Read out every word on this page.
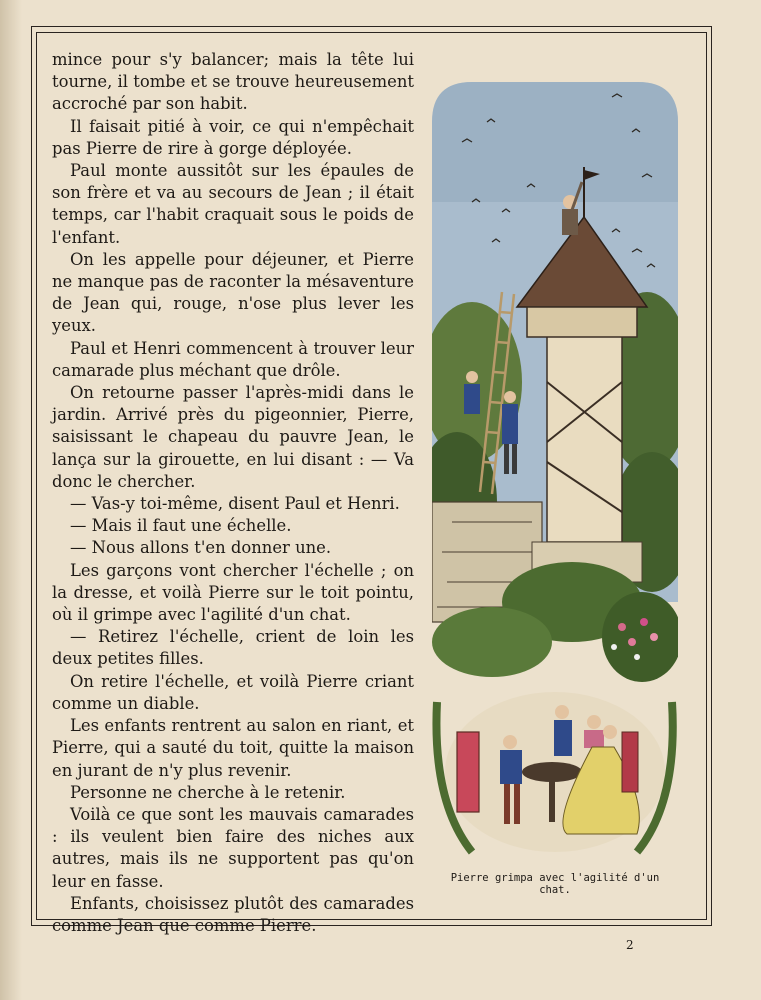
mince pour s'y balancer; mais la tête lui tourne, il tombe et se trouve heureusement accroché par son habit.

Il faisait pitié à voir, ce qui n'empêchait pas Pierre de rire à gorge déployée.

Paul monte aussitôt sur les épaules de son frère et va au secours de Jean ; il était temps, car l'habit craquait sous le poids de l'enfant.

On les appelle pour déjeuner, et Pierre ne manque pas de raconter la mésaventure de Jean qui, rouge, n'ose plus lever les yeux.

Paul et Henri commencent à trouver leur camarade plus méchant que drôle.

On retourne passer l'après-midi dans le jardin. Arrivé près du pigeonnier, Pierre, saisissant le chapeau du pauvre Jean, le lança sur la girouette, en lui disant : — Va donc le chercher.

— Vas-y toi-même, disent Paul et Henri.

— Mais il faut une échelle.

— Nous allons t'en donner une.

Les garçons vont chercher l'échelle ; on la dresse, et voilà Pierre sur le toit pointu, où il grimpe avec l'agilité d'un chat.

— Retirez l'échelle, crient de loin les deux petites filles.

On retire l'échelle, et voilà Pierre criant comme un diable.

Les enfants rentrent au salon en riant, et Pierre, qui a sauté du toit, quitte la maison en jurant de n'y plus revenir.

Personne ne cherche à le retenir.

Voilà ce que sont les mauvais camarades : ils veulent bien faire des niches aux autres, mais ils ne supportent pas qu'on leur en fasse.

Enfants, choisissez plutôt des camarades comme Jean que comme Pierre.

Pierre grimpa avec l'agilité d'un chat.
2
